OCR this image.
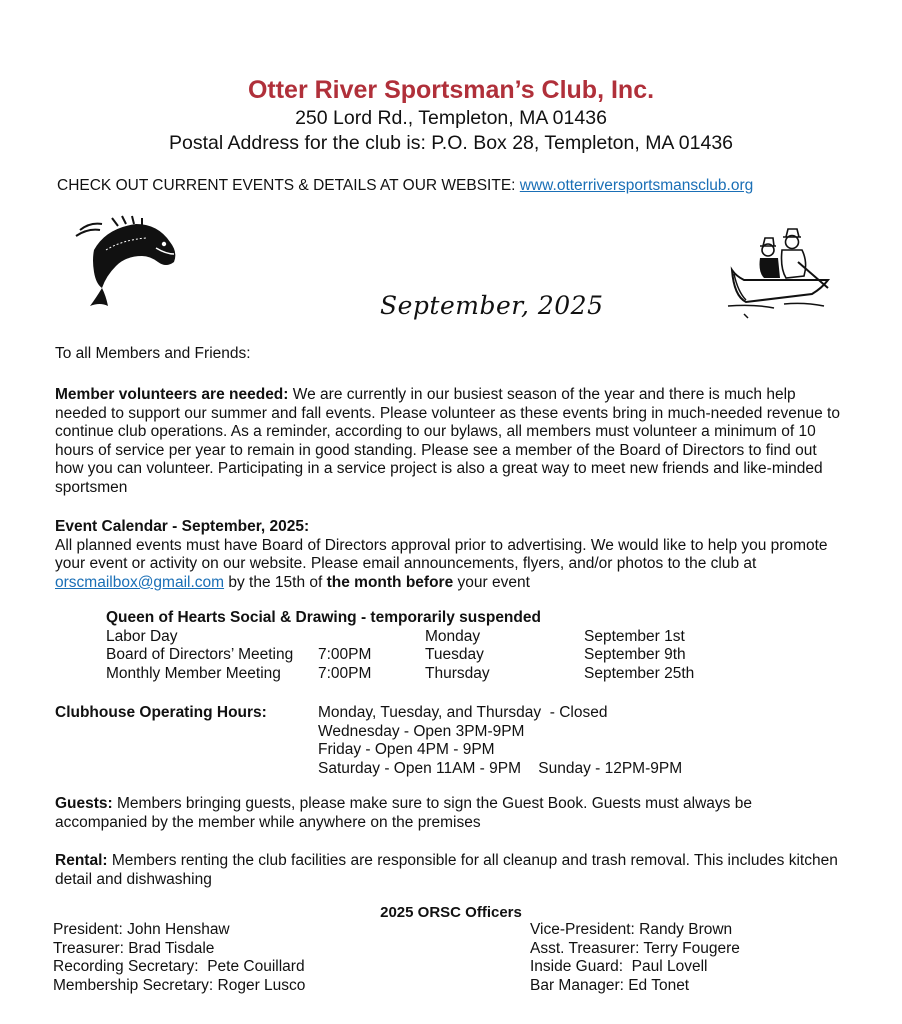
Otter River Sportsman’s Club, Inc.
250 Lord Rd., Templeton, MA 01436
Postal Address for the club is: P.O. Box 28, Templeton, MA 01436
CHECK OUT CURRENT EVENTS & DETAILS AT OUR WEBSITE: www.otterriversportsmansclub.org
September, 2025
To all Members and Friends:
Member volunteers are needed: We are currently in our busiest season of the year and there is much help needed to support our summer and fall events. Please volunteer as these events bring in much-needed revenue to continue club operations. As a reminder, according to our bylaws, all members must volunteer a minimum of 10 hours of service per year to remain in good standing. Please see a member of the Board of Directors to find out how you can volunteer. Participating in a service project is also a great way to meet new friends and like-minded sportsmen
Event Calendar - September, 2025:
All planned events must have Board of Directors approval prior to advertising. We would like to help you promote your event or activity on our website. Please email announcements, flyers, and/or photos to the club at orscmailbox@gmail.com by the 15th of the month before your event
Queen of Hearts Social & Drawing - temporarily suspended
Labor Day	Monday	September 1st
Board of Directors’ Meeting 7:00PM	Tuesday	September 9th
Monthly Member Meeting 7:00PM	Thursday	September 25th
Clubhouse Operating Hours:	Monday, Tuesday, and Thursday  - Closed
Wednesday - Open 3PM-9PM
Friday - Open 4PM - 9PM
Saturday - Open 11AM - 9PM    Sunday - 12PM-9PM
Guests: Members bringing guests, please make sure to sign the Guest Book. Guests must always be accompanied by the member while anywhere on the premises
Rental: Members renting the club facilities are responsible for all cleanup and trash removal. This includes kitchen detail and dishwashing
2025 ORSC Officers
President: John Henshaw
Treasurer: Brad Tisdale
Recording Secretary:  Pete Couillard
Membership Secretary: Roger Lusco
Vice-President: Randy Brown
Asst. Treasurer: Terry Fougere
Inside Guard:  Paul Lovell
Bar Manager: Ed Tonet
